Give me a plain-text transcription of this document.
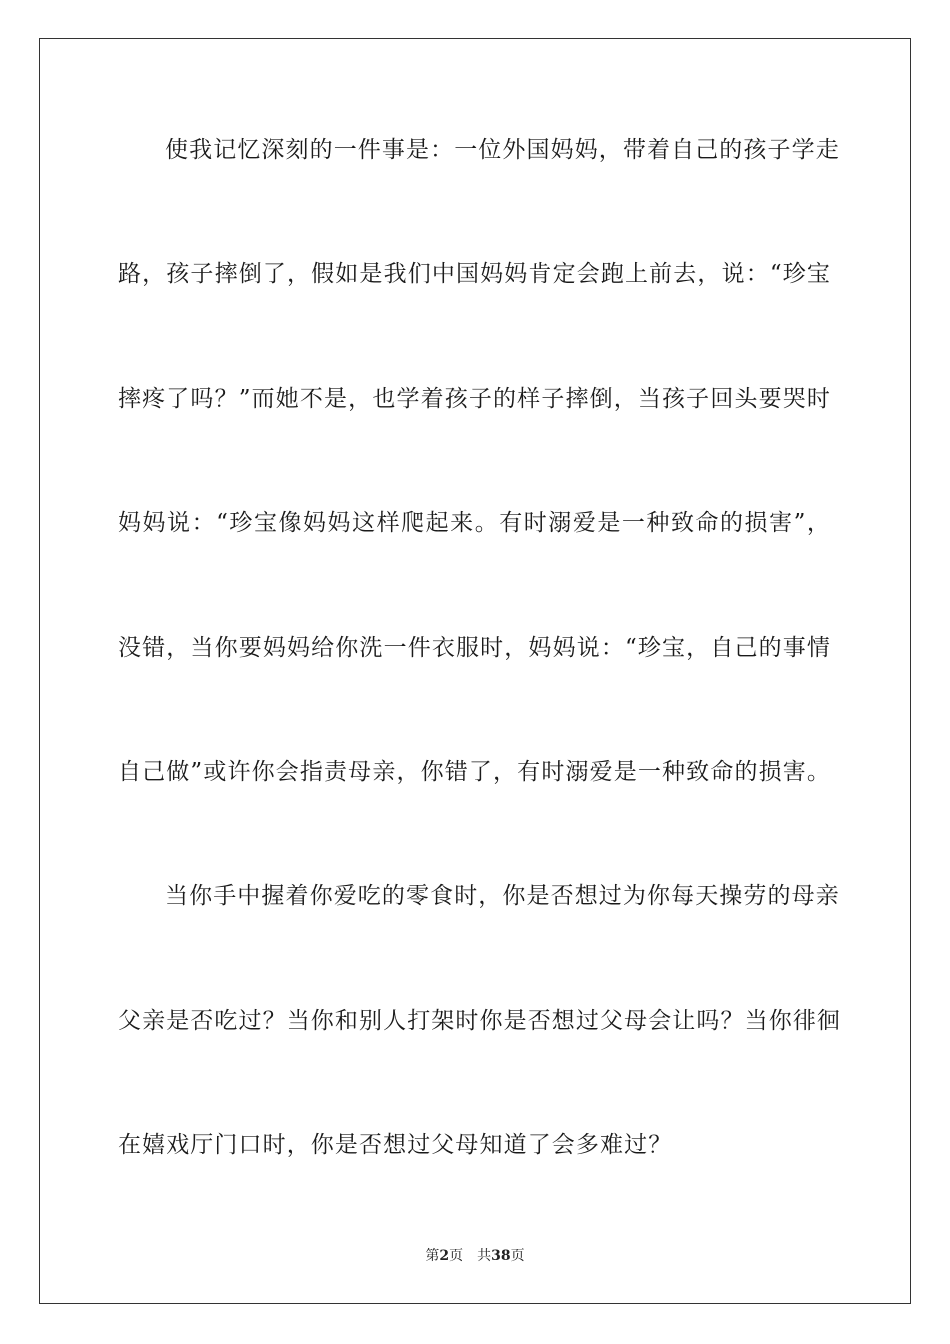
使我记忆深刻的一件事是：一位外国妈妈，带着自己的孩子学走
路，孩子摔倒了，假如是我们中国妈妈肯定会跑上前去，说：“珍宝
摔疼了吗？”而她不是，也学着孩子的样子摔倒，当孩子回头要哭时
妈妈说：“珍宝像妈妈这样爬起来。有时溺爱是一种致命的损害”，
没错，当你要妈妈给你洗一件衣服时，妈妈说：“珍宝，自己的事情
自己做”或许你会指责母亲，你错了，有时溺爱是一种致命的损害。
当你手中握着你爱吃的零食时，你是否想过为你每天操劳的母亲
父亲是否吃过？当你和别人打架时你是否想过父母会让吗？当你徘徊
在嬉戏厅门口时，你是否想过父母知道了会多难过？
第2页 共38页
